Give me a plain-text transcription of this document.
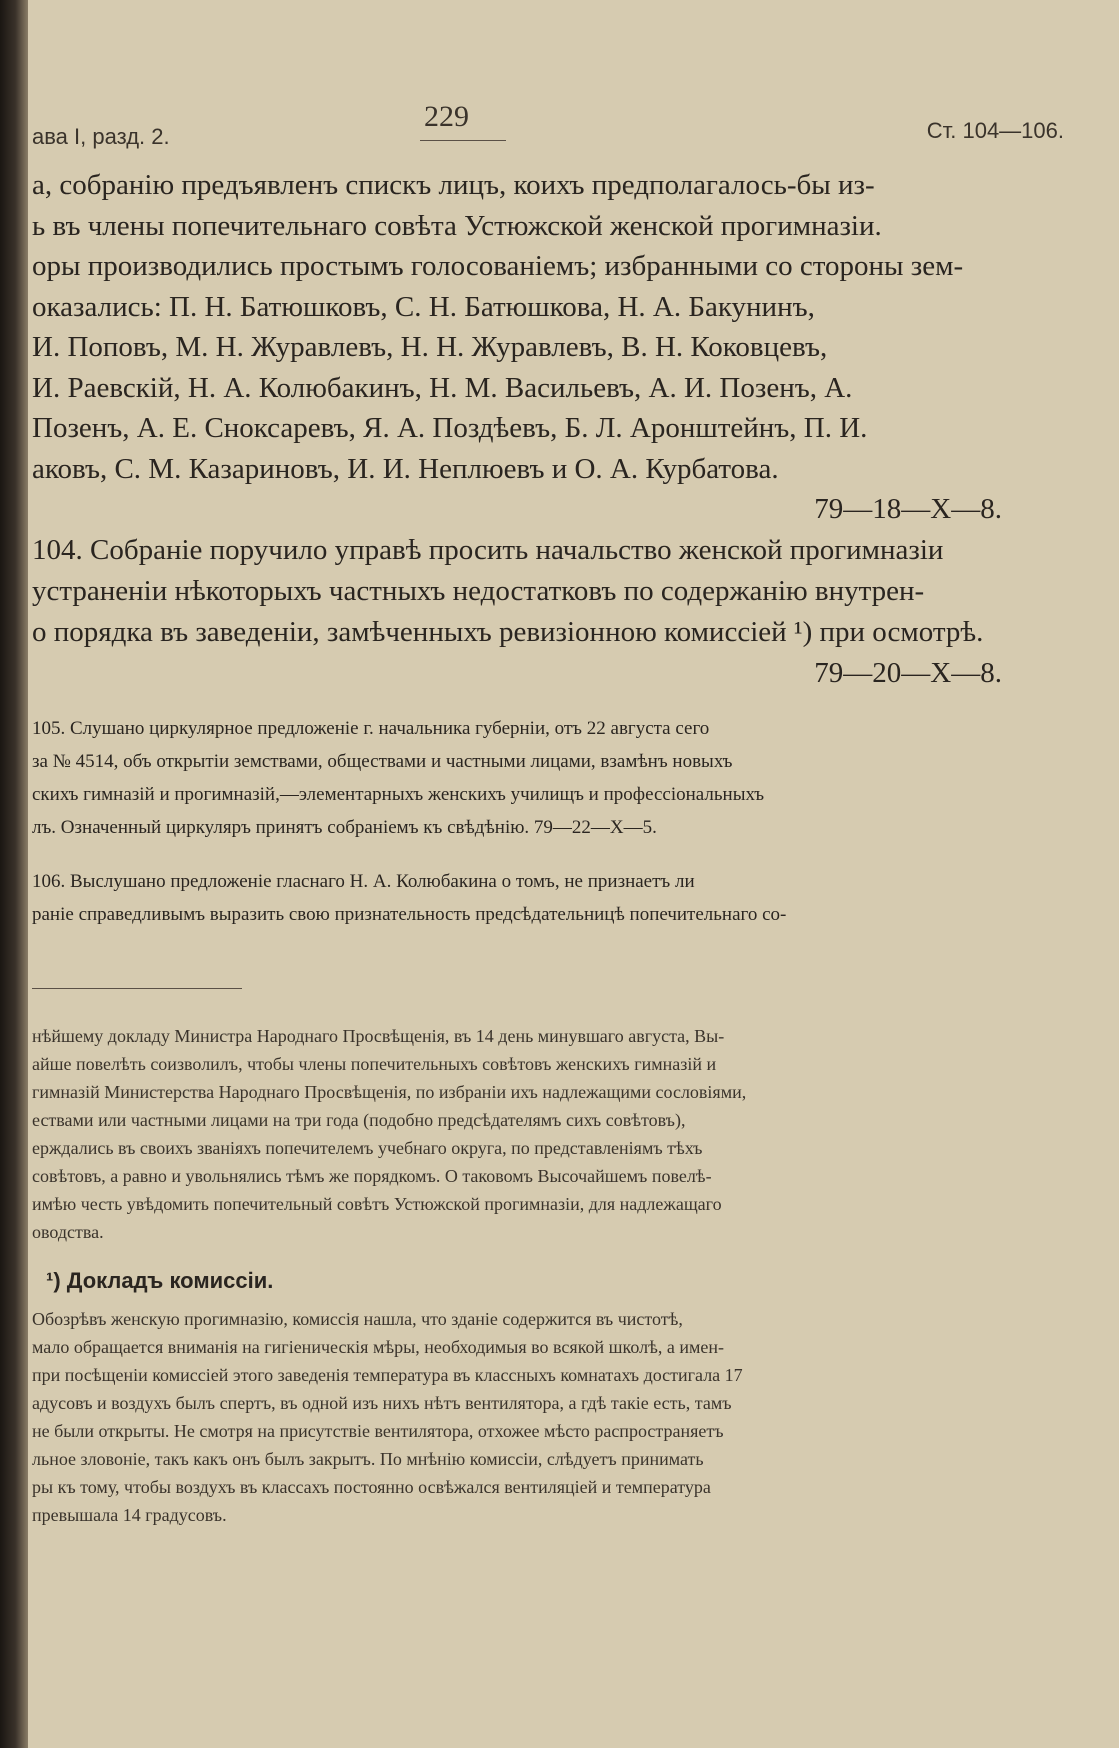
ава I, разд. 2.
229	Ст. 104—106.
а, собранію предъявленъ спискъ лицъ, коихъ предполагалось-бы из-
ь въ члены попечительнаго совѣта Устюжской женской прогимназіи.
оры производились простымъ голосованіемъ; избранными со стороны зем-
оказались: П. Н. Батюшковъ, С. Н. Батюшкова, Н. А. Бакунинъ,
И. Поповъ, М. Н. Журавлевъ, Н. Н. Журавлевъ, В. Н. Коковцевъ,
И. Раевскій, Н. А. Колюбакинъ, Н. М. Васильевъ, А. И. Позенъ, А.
Позенъ, А. Е. Снoксаревъ, Я. А. Поздѣевъ, Б. Л. Аронштейнъ, П. И.
аковъ, С. М. Казариновъ, И. И. Неплюевъ и О. А. Курбатова.
79—18—X—8.
104. Собраніе поручило управѣ просить начальство женской прогимназіи
устраненіи нѣкоторыхъ частныхъ недостатковъ по содержанію внутрен-
о порядка въ заведеніи, замѣченныхъ ревизіонною комиссіей ¹) при осмотрѣ.
79—20—X—8.
105. Слушано циркулярное предложеніе г. начальника губерніи, отъ 22 августа сего
за № 4514, объ открытіи земствами, обществами и частными лицами, взамѣнъ новыхъ
скихъ гимназій и прогимназій,—элементарныхъ женскихъ училищъ и профессіональныхъ
лъ. Означенный циркуляръ принятъ собраніемъ къ свѣдѣнію. 79—22—X—5.
106. Выслушано предложеніе гласнаго Н. А. Колюбакина о томъ, не признаетъ ли
раніе справедливымъ выразить свою признательность предсѣдательницѣ попечительнаго со-
нѣйшему докладу Министра Народнаго Просвѣщенія, въ 14 день минувшаго августа, Вы-
айше повелѣть соизволилъ, чтобы члены попечительныхъ совѣтовъ женскихъ гимназій и
гимназій Министерства Народнаго Просвѣщенія, по избраніи ихъ надлежащими сословіями,
ествами или частными лицами на три года (подобно предсѣдателямъ сихъ совѣтовъ),
ерждались въ своихъ званіяхъ попечителемъ учебнаго округа, по представленіямъ тѣхъ
совѣтовъ, а равно и увольнялись тѣмъ же порядкомъ. О таковомъ Высочайшемъ повелѣ-
имѣю честь увѣдомить попечительный совѣтъ Устюжской прогимназіи, для надлежащаго
оводства.
¹) Докладъ комиссіи.
Обозрѣвъ женскую прогимназію, комиссія нашла, что зданіе содержится въ чистотѣ,
мало обращается вниманія на гигіеническія мѣры, необходимыя во всякой школѣ, а имен-
при посѣщеніи комиссіей этого заведенія температура въ классныхъ комнатахъ достигала 17
адусовъ и воздухъ былъ спертъ, въ одной изъ нихъ нѣтъ вентилятора, а гдѣ такіе есть, тамъ
не были открыты. Не смотря на присутствіе вентилятора, отхожее мѣсто распространяетъ
льное зловоніе, такъ какъ онъ былъ закрытъ. По мнѣнію комиссіи, слѣдуетъ принимать
ры къ тому, чтобы воздухъ въ классахъ постоянно освѣжался вентиляціей и температура
превышала 14 градусовъ.
